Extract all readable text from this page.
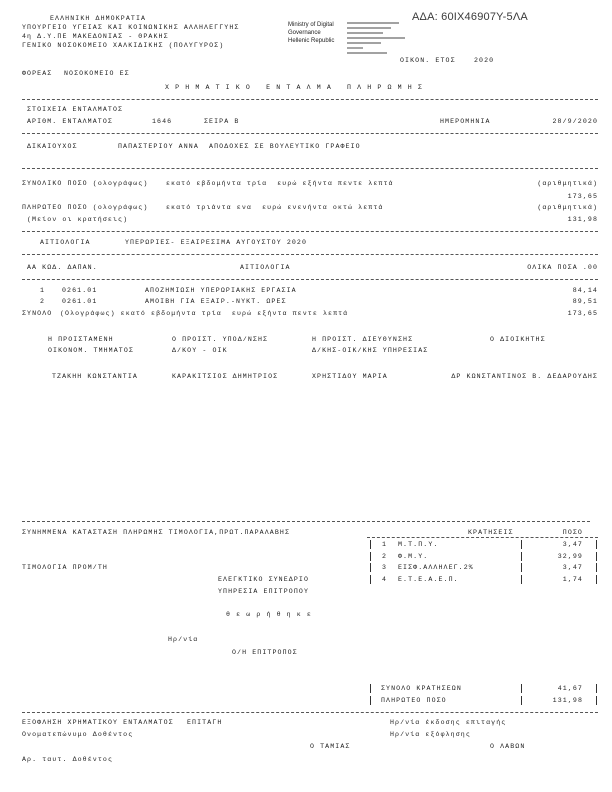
ΕΛΛΗΝΙΚΗ ΔΗΜΟΚΡΑΤΙΑ
ΥΠΟΥΡΓΕΙΟ ΥΓΕΙΑΣ ΚΑΙ ΚΟΙΝΩΝΙΚΗΣ ΑΛΛΗΛΕΓΓΥΗΣ
4η Δ.Υ.ΠΕ ΜΑΚΕΔΟΝΙΑΣ - ΘΡΑΚΗΣ
ΓΕΝΙΚΟ ΝΟΣΟΚΟΜΕΙΟ ΧΑΛΚΙΔΙΚΗΣ (ΠΟΛΥΓΥΡΟΣ)
ΑΔΑ: 60IX46907Y-5ΛΑ
Ministry of Digital
Governance
Hellenic Republic
ΟΙΚΟΝ. ΕΤΟΣ	2020
ΦΟΡΕΑΣ ΝΟΣΟΚΟΜΕΙΟ ΕΣ
Χ Ρ Η Μ Α Τ Ι Κ Ο   Ε Ν Τ Α Λ Μ Α   Π Λ Η Ρ Ω Μ Η Σ
ΣΤΟΙΧΕΙΑ ΕΝΤΑΛΜΑΤΟΣ
ΑΡΙΘΜ. ΕΝΤΑΛΜΑΤΟΣ	1646	ΣΕΙΡΑ Β	ΗΜΕΡΟΜΗΝΙΑ	28/9/2020
ΔΙΚΑΙΟΥΧΟΣ	ΠΑΠΑΣΤΕΡΙΟΥ ΑΝΝΑ  ΑΠΟΔΟΧΕΣ ΣΕ ΒΟΥΛΕΥΤΙΚΟ ΓΡΑΦΕΙΟ
ΣΥΝΟΛΙΚΟ ΠΟΣΟ (ολογράφως)	εκατό εβδομήντα τρία  ευρώ εξήντα πεντε λεπτά	(αριθμητικά)
173,65
ΠΛΗΡΩΤΕΟ ΠΟΣΟ (ολογράφως)	εκατό τριάντα ενα  ευρώ ενενήντα οκτώ λεπτά	(αριθμητικά)
(Μείον οι κρατήσεις)	131,98
ΑΙΤΙΟΛΟΓΙΑ	ΥΠΕΡΩΡΙΕΣ- ΕΞΑΙΡΕΣΙΜΑ ΑΥΓΟΥΣΤΟΥ 2020
ΑΑ ΚΩΔ. ΔΑΠΑΝ.	ΑΙΤΙΟΛΟΓΙΑ	ΟΛΙΚΑ ΠΟΣΑ .00
1	0261.01	ΑΠΟΖΗΜΙΩΣΗ ΥΠΕΡΩΡΙΑΚΗΣ ΕΡΓΑΣΙΑ	84,14
2	0261.01	ΑΜΟΙΒΗ ΓΙΑ ΕΞΑΙΡ.-ΝΥΚΤ. ΩΡΕΣ	89,51
ΣΥΝΟΛΟ (Ολογράφως) εκατό εβδομήντα τρία  ευρώ εξήντα πεντε λεπτά	173,65
Η ΠΡΟΙΣΤΑΜΕΝΗ	Ο ΠΡΟΙΣΤ. ΥΠΟΔ/ΝΣΗΣ	Η ΠΡΟΙΣΤ. ΔΙΕΥΘΥΝΣΗΣ	Ο ΔΙΟΙΚΗΤΗΣ
ΟΙΚΟΝΟΜ. ΤΜΗΜΑΤΟΣ	Δ/ΚΟΥ - ΟΙΚ	Δ/ΚΗΣ-ΟΙΚ/ΚΗΣ ΥΠΗΡΕΣΙΑΣ
ΤΖΑΚΗΗ ΚΩΝΣΤΑΝΤΙΑ	ΚΑΡΑΚΙΤΣΙΟΣ ΔΗΜΗΤΡΙΟΣ	ΧΡΗΣΤΙΔΟΥ ΜΑΡΙΑ	ΔΡ ΚΩΝΣΤΑΝΤΙΝΟΣ Β. ΔΕΔΑΡΟΥΔΗΣ
ΣΥΝΗΜΜΕΝΑ ΚΑΤΑΣΤΑΣΗ ΠΛΗΡΩΜΗΣ ΤΙΜΟΛΟΓΙΑ,ΠΡΩΤ.ΠΑΡΑΛΑΒΗΣ	ΚΡΑΤΗΣΕΙΣ	ΠΟΣΟ
1 Μ.Τ.Π.Υ.	3,47
2 Φ.Μ.Υ.	32,99
ΤΙΜΟΛΟΓΙΑ ΠΡΟΜ/ΤΗ	3 ΕΙΣΦ.ΑΛΛΗΛΕΓ.2%	3,47
ΕΛΕΓΚΤΙΚΟ ΣΥΝΕΔΡΙΟ	4 Ε.Τ.Ε.Α.Ε.Π.	1,74
ΥΠΗΡΕΣΙΑ ΕΠΙΤΡΟΠΟΥ
θ ε ω ρ ή θ η κ ε
Ηρ/νία
Ο/Η ΕΠΙΤΡΟΠΟΣ
ΣΥΝΟΛΟ ΚΡΑΤΗΣΕΩΝ	41,67
ΠΛΗΡΩΤΕΟ ΠΟΣΟ	131,98
ΕΞΟΦΛΗΣΗ ΧΡΗΜΑΤΙΚΟΥ ΕΝΤΑΛΜΑΤΟΣ ΕΠΙΤΑΓΗ	Ηρ/νία έκδοσης επιταγής
Ονοματεπώνυμο Δοθέντος	Ηρ/νία εξόφλησης
Ο ΤΑΜΙΑΣ	Ο ΛΑΒΩΝ
Αρ. ταυτ. Δοθέντος
